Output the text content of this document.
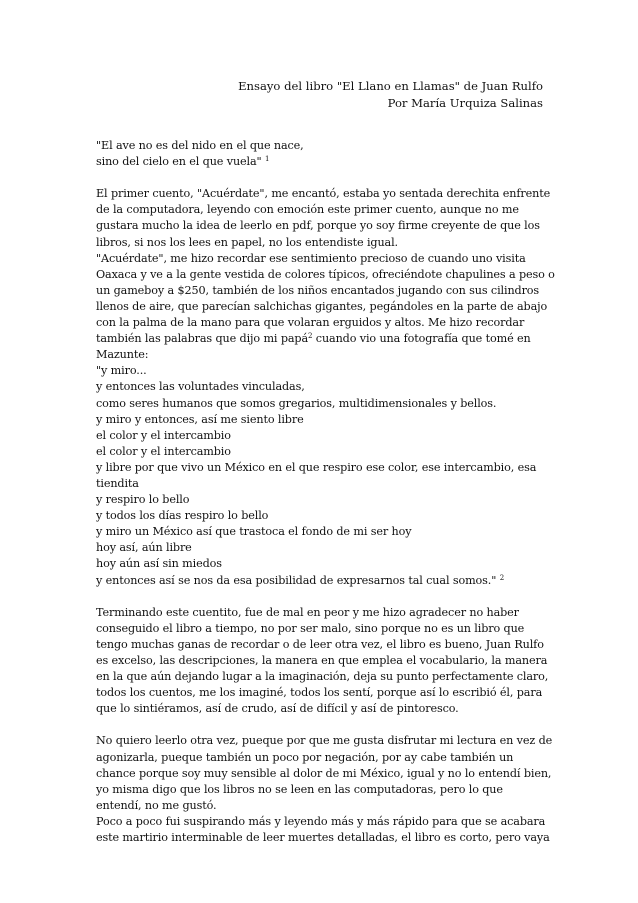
Ensayo del libro "El Llano en Llamas" de Juan Rulfo
Por María Urquiza Salinas
"El ave no es del nido en el que nace,
sino del cielo en el que vuela" $^1$
El primer cuento, "Acuérdate", me encantó, estaba yo sentada derechita enfrente
de la computadora, leyendo con emoción este primer cuento, aunque no me
gustara mucho la idea de leerlo en pdf, porque yo soy firme creyente de que los
libros, si nos los lees en papel, no los entendiste igual.
"Acuérdate", me hizo recordar ese sentimiento precioso de cuando uno visita
Oaxaca y ve a la gente vestida de colores típicos, ofreciéndote chapulines a peso o
un gameboy a $250, también de los niños encantados jugando con sus cilindros
llenos de aire, que parecían salchichas gigantes, pegándoles en la parte de abajo
con la palma de la mano para que volaran erguidos y altos. Me hizo recordar
también las palabras que dijo mi papá$^2$ cuando vio una fotografía que tomé en
Mazunte:
"y miro...
y entonces las voluntades vinculadas,
como seres humanos que somos gregarios, multidimensionales y bellos.
y miro y entonces, así me siento libre
el color y el intercambio
el color y el intercambio
y libre por que vivo un México en el que respiro ese color, ese intercambio, esa
tiendita
y respiro lo bello
y todos los días respiro lo bello
y miro un México así que trastoca el fondo de mi ser hoy
hoy así, aún libre
hoy aún así sin miedos
y entonces así se nos da esa posibilidad de expresarnos tal cual somos." $^2$
Terminando este cuentito, fue de mal en peor y me hizo agradecer no haber
conseguido el libro a tiempo, no por ser malo, sino porque no es un libro que
tengo muchas ganas de recordar o de leer otra vez, el libro es bueno, Juan Rulfo
es excelso, las descripciones, la manera en que emplea el vocabulario, la manera
en la que aún dejando lugar a la imaginación, deja su punto perfectamente claro,
todos los cuentos, me los imaginé, todos los sentí, porque así lo escribió él, para
que lo sintiéramos, así de crudo, así de difícil y así de pintoresco.
No quiero leerlo otra vez, pueque por que me gusta disfrutar mi lectura en vez de
agonizarla, pueque también un poco por negación, por ay cabe también un
chance porque soy muy sensible al dolor de mi México, igual y no lo entendí bien,
yo misma digo que los libros no se leen en las computadoras, pero lo que
entendí, no me gustó.
Poco a poco fui suspirando más y leyendo más y más rápido para que se acabara
este martirio interminable de leer muertes detalladas, el libro es corto, pero vaya
